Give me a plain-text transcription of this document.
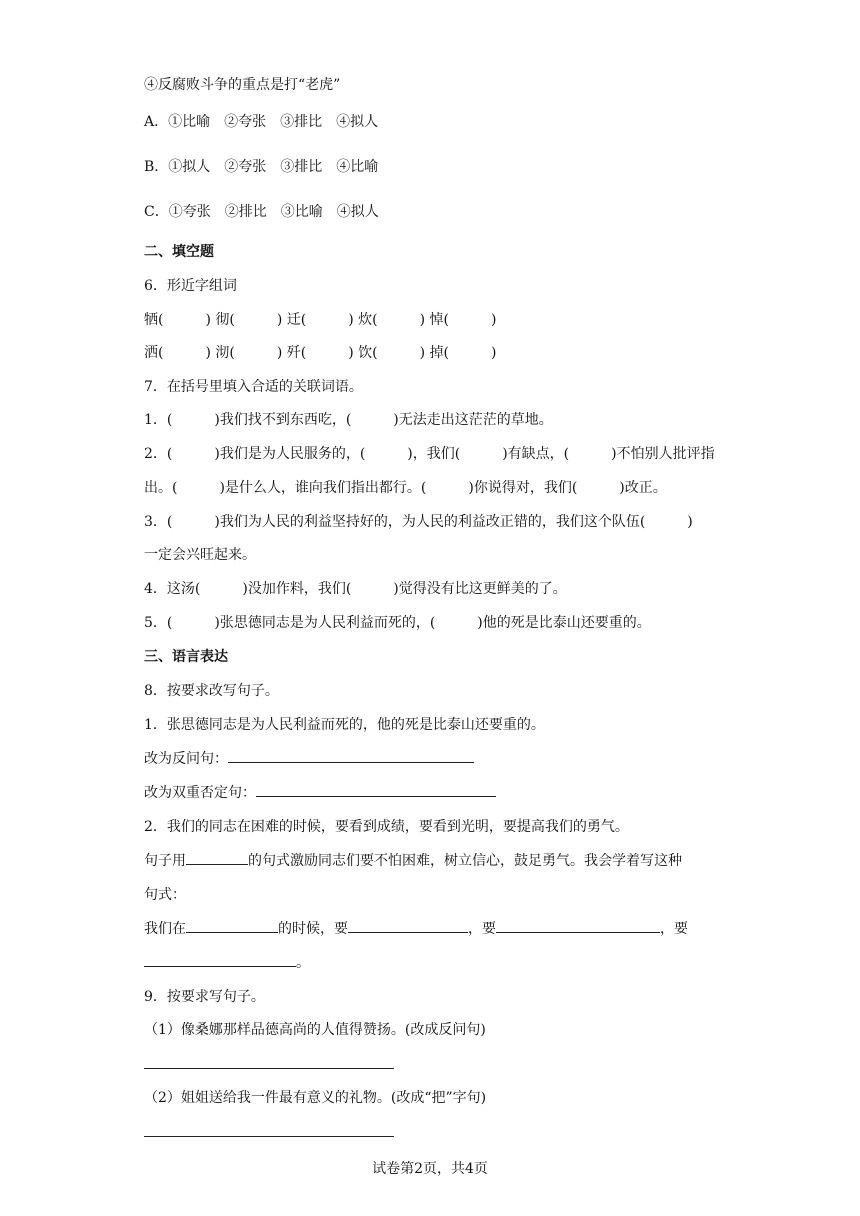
④反腐败斗争的重点是打“老虎”
A．①比喻　②夸张　③排比　④拟人
B．①拟人　②夸张　③排比　④比喻
C．①夸张　②排比　③比喻　④拟人
二、填空题
6．形近字组词
牺(　　　) 彻(　　　) 迁(　　　) 炊(　　　) 悼(　　　)
洒(　　　) 沏(　　　) 歼(　　　) 饮(　　　) 掉(　　　)
7．在括号里填入合适的关联词语。
1．(　　　)我们找不到东西吃，(　　　)无法走出这茫茫的草地。
2．(　　　)我们是为人民服务的，(　　　)，我们(　　　)有缺点，(　　　)不怕别人批评指
出。(　　　)是什么人，谁向我们指出都行。(　　　)你说得对，我们(　　　)改正。
3．(　　　)我们为人民的利益坚持好的，为人民的利益改正错的，我们这个队伍(　　　)
一定会兴旺起来。
4．这汤(　　　)没加作料，我们(　　　)觉得没有比这更鲜美的了。
5．(　　　)张思德同志是为人民利益而死的，(　　　)他的死是比泰山还要重的。
三、语言表达
8．按要求改写句子。
1．张思德同志是为人民利益而死的，他的死是比泰山还要重的。
改为反问句：
改为双重否定句：
2．我们的同志在困难的时候，要看到成绩，要看到光明，要提高我们的勇气。
句子用	的句式激励同志们要不怕困难，树立信心，鼓足勇气。我会学着写这种
句式：
我们在	的时候，要	，要	，要
。
9．按要求写句子。
（1）像桑娜那样品德高尚的人值得赞扬。(改成反问句)
（2）姐姐送给我一件最有意义的礼物。(改成“把”字句)
试卷第2页，共4页
